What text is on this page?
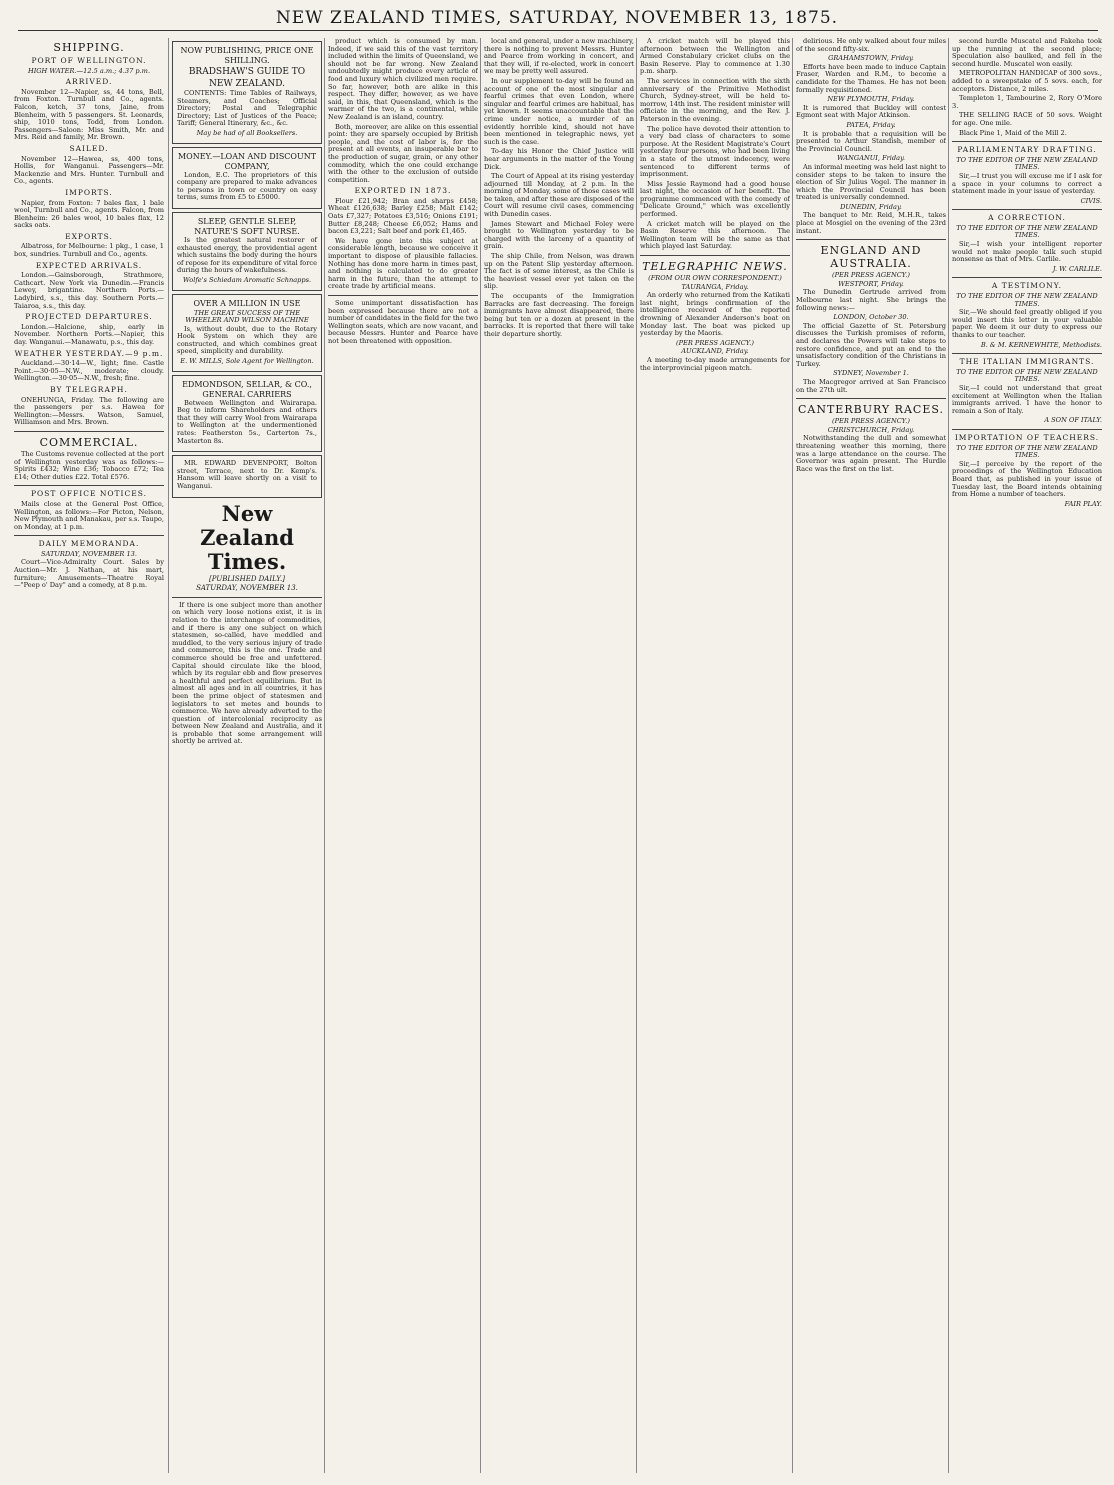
NEW ZEALAND TIMES, SATURDAY, NOVEMBER 13, 1875.
SHIPPING.
PORT OF WELLINGTON.
HIGH WATER.—12.5 a.m.; 4.37 p.m.
ARRIVED.

November 12—Napier, ss, 44 tons, Bell, from Foxton. Turnbull and Co., agents. Falcon, ketch, 37 tons, Jaine, from Blenheim, with 5 passengers. St. Leonards, ship, 1010 tons, Todd, from London. Passengers—Saloon: Miss Smith, Mr. and Mrs. Reid and family, Mr. Brown.

SAILED.

November 12—Hawea, ss, 400 tons, Hollis, for Wanganui. Passengers—Mr. Mackenzie and Mrs. Hunter. Turnbull and Co., agents.

IMPORTS.

Napier, from Foxton: 7 bales flax, 1 bale wool, Turnbull and Co., agents. Falcon, from Blenheim: 26 bales wool, 10 bales flax, 12 sacks oats.

EXPORTS.

Albatross, for Melbourne: 1 pkg., 1 case, 1 box, sundries. Turnbull and Co., agents.

EXPECTED ARRIVALS.

London.—Gainsborough, Strathmore, Cathcart. New York via Dunedin.—Francis Lewey, brigantine. Northern Ports.—Ladybird, s.s., this day. Southern Ports.—Taiaroa, s.s., this day.

PROJECTED DEPARTURES.

London.—Halcione, ship, early in November. Northern Ports.—Napier, this day. Wanganui.—Manawatu, p.s., this day.

WEATHER YESTERDAY.—9 p.m.

Auckland.—30·14—W., light; fine. Castle Point.—30·05—N.W., moderate; cloudy. Wellington.—30·05—N.W., fresh; fine.

BY TELEGRAPH.

ONEHUNGA, Friday. The following are the passengers per s.s. Hawea for Wellington:—Messrs. Watson, Samuel, Williamson and Mrs. Brown.

COMMERCIAL.

The Customs revenue collected at the port of Wellington yesterday was as follows:—Spirits £432; Wine £36; Tobacco £72; Tea £14; Other duties £22. Total £576.

POST OFFICE NOTICES.

Mails close at the General Post Office, Wellington, as follows:—For Picton, Nelson, New Plymouth and Manakau, per s.s. Taupo, on Monday, at 1 p.m.

DAILY MEMORANDA.
SATURDAY, NOVEMBER 13.

Court—Vice-Admiralty Court. Sales by Auction—Mr. J. Nathan, at his mart, furniture; Amusements—Theatre Royal—"Peep o' Day" and a comedy, at 8 p.m.

NOW PUBLISHING, PRICE ONE SHILLING.
BRADSHAW'S GUIDE TO NEW ZEALAND.

CONTENTS: Time Tables of Railways, Steamers, and Coaches; Official Directory; Postal and Telegraphic Directory; List of Justices of the Peace; Tariff; General Itinerary, &c., &c.

May be had of all Booksellers.
MONEY.—LOAN AND DISCOUNT COMPANY,

London, E.C. The proprietors of this company are prepared to make advances to persons in town or country on easy terms, sums from £5 to £5000.

SLEEP, GENTLE SLEEP, NATURE'S SOFT NURSE.

Is the greatest natural restorer of exhausted energy, the providential agent which sustains the body during the hours of repose for its expenditure of vital force during the hours of wakefulness.

Wolfe's Schiedam Aromatic Schnapps.
OVER A MILLION IN USE
THE GREAT SUCCESS OF THE WHEELER AND WILSON MACHINE

Is, without doubt, due to the Rotary Hook System on which they are constructed, and which combines great speed, simplicity and durability.

E. W. MILLS, Sole Agent for Wellington.
EDMONDSON, SELLAR, & CO., GENERAL CARRIERS

Between Wellington and Wairarapa. Beg to inform Shareholders and others that they will carry Wool from Wairarapa to Wellington at the undermentioned rates: Featherston 5s., Carterton 7s., Masterton 8s.

MR. EDWARD DEVENPORT, Bolton street, Terrace, next to Dr. Kemp's. Hansom will leave shortly on a visit to Wanganui.

New Zealand Times.
[PUBLISHED DAILY.]
SATURDAY, NOVEMBER 13.

If there is one subject more than another on which very loose notions exist, it is in relation to the interchange of commodities, and if there is any one subject on which statesmen, so-called, have meddled and muddled, to the very serious injury of trade and commerce, this is the one. Trade and commerce should be free and unfettered. Capital should circulate like the blood, which by its regular ebb and flow preserves a healthful and perfect equilibrium. But in almost all ages and in all countries, it has been the prime object of statesmen and legislators to set metes and bounds to commerce. We have already adverted to the question of intercolonial reciprocity as between New Zealand and Australia, and it is probable that some arrangement will shortly be arrived at.

product which is consumed by man. Indeed, if we said this of the vast territory included within the limits of Queensland, we should not be far wrong. New Zealand undoubtedly might produce every article of food and luxury which civilized men require. So far, however, both are alike in this respect. They differ, however, as we have said, in this, that Queensland, which is the warmer of the two, is a continental, while New Zealand is an island, country.

Both, moreover, are alike on this essential point: they are sparsely occupied by British people, and the cost of labor is, for the present at all events, an insuperable bar to the production of sugar, grain, or any other commodity, which the one could exchange with the other to the exclusion of outside competition.

EXPORTED IN 1873.

Flour £21,942; Bran and sharps £458; Wheat £126,638; Barley £258; Malt £142; Oats £7,327; Potatoes £3,516; Onions £191; Butter £8,248; Cheese £6,052; Hams and bacon £3,221; Salt beef and pork £1,465.

We have gone into this subject at considerable length, because we conceive it important to dispose of plausible fallacies. Nothing has done more harm in times past, and nothing is calculated to do greater harm in the future, than the attempt to create trade by artificial means.

Some unimportant dissatisfaction has been expressed because there are not a number of candidates in the field for the two Wellington seats, which are now vacant, and because Messrs. Hunter and Pearce have not been threatened with opposition.

local and general, under a new machinery, there is nothing to prevent Messrs. Hunter and Pearce from working in concert, and that they will, if re-elected, work in concert we may be pretty well assured.

In our supplement to-day will be found an account of one of the most singular and fearful crimes that even London, where singular and fearful crimes are habitual, has yet known. It seems unaccountable that the crime under notice, a murder of an evidently horrible kind, should not have been mentioned in telegraphic news, yet such is the case.

To-day his Honor the Chief Justice will hear arguments in the matter of the Young Dick.

The Court of Appeal at its rising yesterday adjourned till Monday, at 2 p.m. In the morning of Monday, some of those cases will be taken, and after these are disposed of the Court will resume civil cases, commencing with Dunedin cases.

James Stewart and Michael Foley were brought to Wellington yesterday to be charged with the larceny of a quantity of grain.

The ship Chile, from Nelson, was drawn up on the Patent Slip yesterday afternoon. The fact is of some interest, as the Chile is the heaviest vessel ever yet taken on the slip.

The occupants of the Immigration Barracks are fast decreasing. The foreign immigrants have almost disappeared, there being but ten or a dozen at present in the barracks. It is reported that there will take their departure shortly.

A cricket match will be played this afternoon between the Wellington and Armed Constabulary cricket clubs on the Basin Reserve. Play to commence at 1.30 p.m. sharp.

The services in connection with the sixth anniversary of the Primitive Methodist Church, Sydney-street, will be held to-morrow, 14th inst. The resident minister will officiate in the morning, and the Rev. J. Paterson in the evening.

The police have devoted their attention to a very bad class of characters to some purpose. At the Resident Magistrate's Court yesterday four persons, who had been living in a state of the utmost indecency, were sentenced to different terms of imprisonment.

Miss Jessie Raymond had a good house last night, the occasion of her benefit. The programme commenced with the comedy of "Delicate Ground," which was excellently performed.

A cricket match will be played on the Basin Reserve this afternoon. The Wellington team will be the same as that which played last Saturday.

TELEGRAPHIC NEWS.
(FROM OUR OWN CORRESPONDENT.)
TAURANGA, Friday.

An orderly who returned from the Katikati last night, brings confirmation of the intelligence received of the reported drowning of Alexander Anderson's boat on Monday last. The boat was picked up yesterday by the Maoris.

(PER PRESS AGENCY.)
AUCKLAND, Friday.

A meeting to-day made arrangements for the interprovincial pigeon match.

delirious. He only walked about four miles of the second fifty-six.

GRAHAMSTOWN, Friday.

Efforts have been made to induce Captain Fraser, Warden and R.M., to become a candidate for the Thames. He has not been formally requisitioned.

NEW PLYMOUTH, Friday.

It is rumored that Buckley will contest Egmont seat with Major Atkinson.

PATEA, Friday.

It is probable that a requisition will be presented to Arthur Standish, member of the Provincial Council.

WANGANUI, Friday.

An informal meeting was held last night to consider steps to be taken to insure the election of Sir Julius Vogel. The manner in which the Provincial Council has been treated is universally condemned.

DUNEDIN, Friday.

The banquet to Mr. Reid, M.H.R., takes place at Mosgiel on the evening of the 23rd instant.

ENGLAND AND AUSTRALIA.
(PER PRESS AGENCY.)
WESTPORT, Friday.

The Dunedin Gertrude arrived from Melbourne last night. She brings the following news:—

LONDON, October 30.

The official Gazette of St. Petersburg discusses the Turkish promises of reform, and declares the Powers will take steps to restore confidence, and put an end to the unsatisfactory condition of the Christians in Turkey.

SYDNEY, November 1.

The Macgregor arrived at San Francisco on the 27th ult.

CANTERBURY RACES.
(PER PRESS AGENCY.)
CHRISTCHURCH, Friday.

Notwithstanding the dull and somewhat threatening weather this morning, there was a large attendance on the course. The Governor was again present. The Hurdle Race was the first on the list.

second hurdle Muscatel and Fakeha took up the running at the second place; Speculation also baulked, and fell in the second hurdle. Muscatel won easily.

METROPOLITAN HANDICAP of 300 sovs., added to a sweepstake of 5 sovs. each, for acceptors. Distance, 2 miles.

Templeton 1, Tambourine 2, Rory O'More 3.

THE SELLING RACE of 50 sovs. Weight for age. One mile.

Black Pine 1, Maid of the Mill 2.

PARLIAMENTARY DRAFTING.
TO THE EDITOR OF THE NEW ZEALAND TIMES.

Sir,—I trust you will excuse me if I ask for a space in your columns to correct a statement made in your issue of yesterday.

CIVIS.
A CORRECTION.
TO THE EDITOR OF THE NEW ZEALAND TIMES.

Sir,—I wish your intelligent reporter would not make people talk such stupid nonsense as that of Mrs. Carlile.

J. W. CARLILE.
A TESTIMONY.
TO THE EDITOR OF THE NEW ZEALAND TIMES.

Sir,—We should feel greatly obliged if you would insert this letter in your valuable paper. We deem it our duty to express our thanks to our teacher.

B. & M. KERNEWHITE, Methodists.
THE ITALIAN IMMIGRANTS.
TO THE EDITOR OF THE NEW ZEALAND TIMES.

Sir,—I could not understand that great excitement at Wellington when the Italian immigrants arrived. I have the honor to remain a Son of Italy.

A SON OF ITALY.
IMPORTATION OF TEACHERS.
TO THE EDITOR OF THE NEW ZEALAND TIMES.

Sir,—I perceive by the report of the proceedings of the Wellington Education Board that, as published in your issue of Tuesday last, the Board intends obtaining from Home a number of teachers.

FAIR PLAY.
